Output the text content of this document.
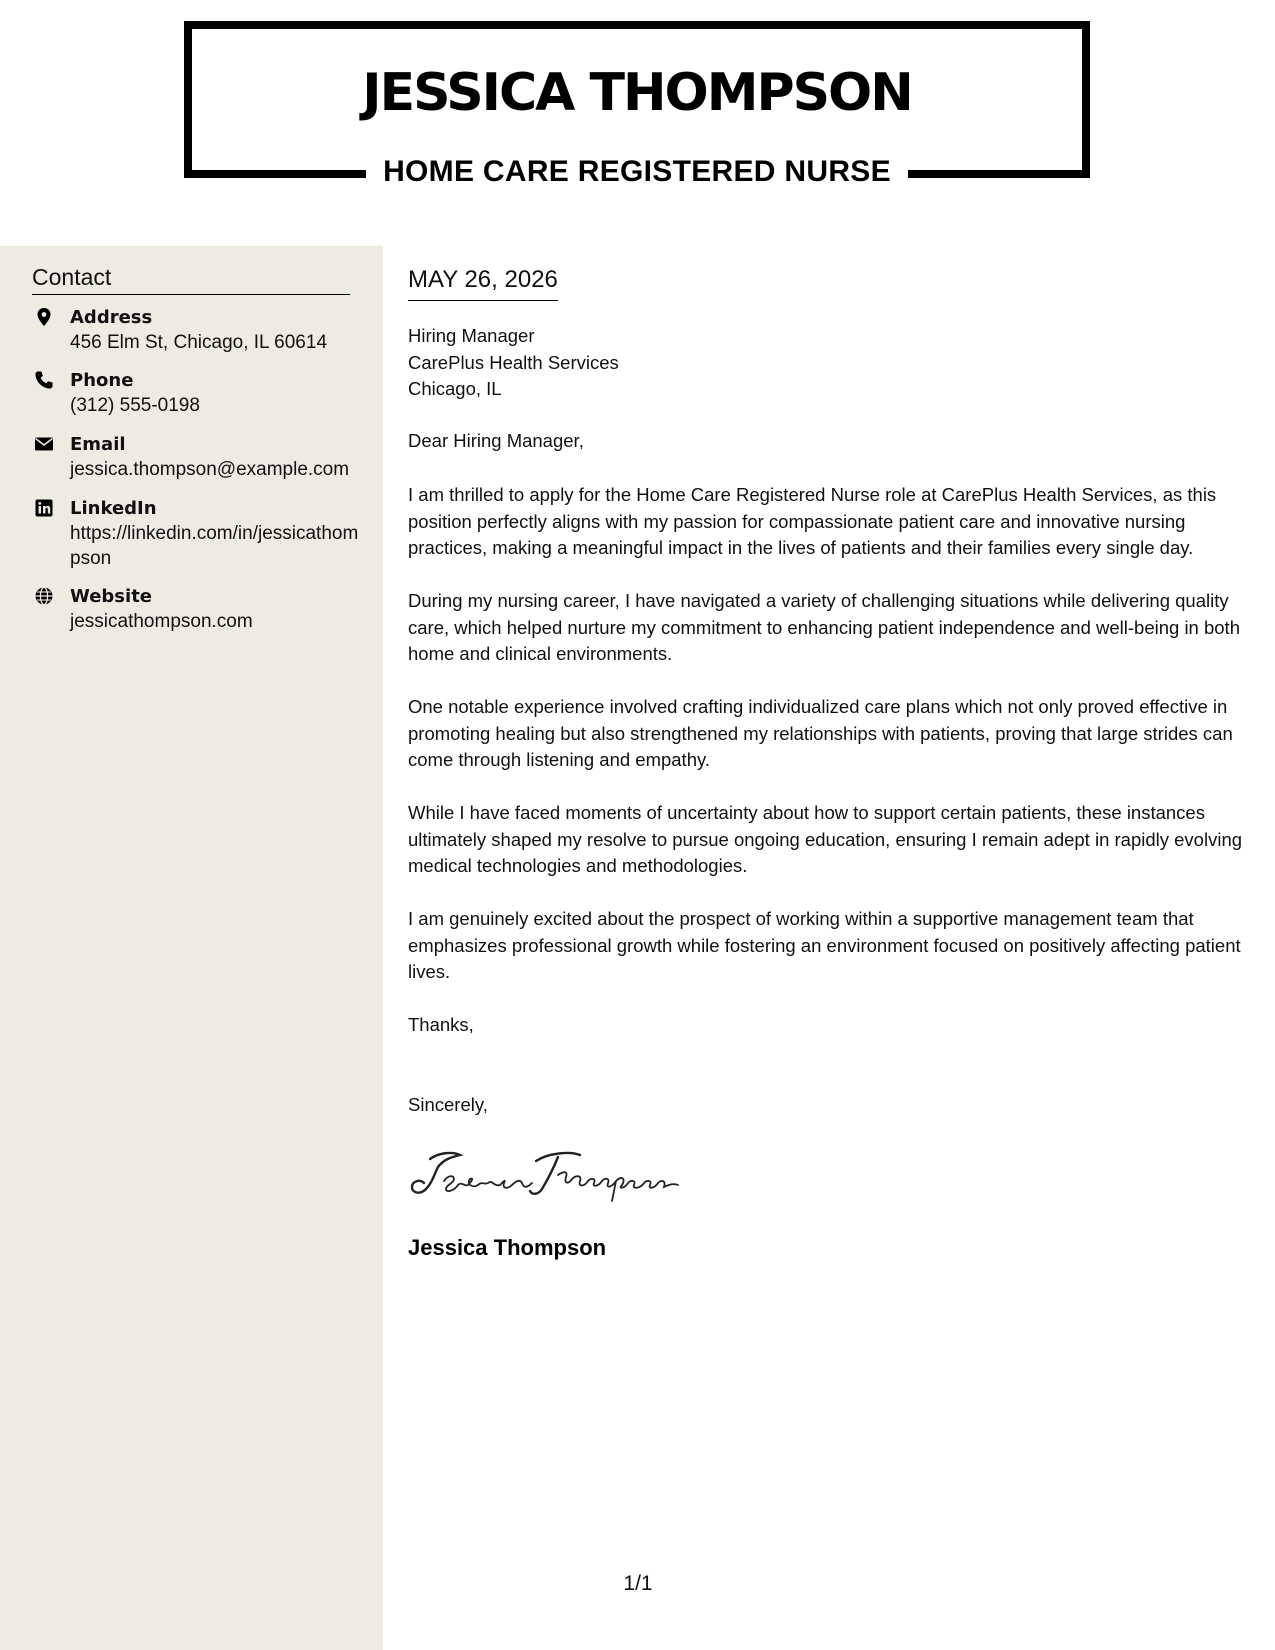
JESSICA THOMPSON
HOME CARE REGISTERED NURSE
Contact
Address
456 Elm St, Chicago, IL 60614
Phone
(312) 555-0198
Email
jessica.thompson@example.com
LinkedIn
https://linkedin.com/in/jessicathompson
Website
jessicathompson.com
MAY 26, 2026
Hiring Manager
CarePlus Health Services
Chicago, IL
Dear Hiring Manager,
I am thrilled to apply for the Home Care Registered Nurse role at CarePlus Health Services, as this position perfectly aligns with my passion for compassionate patient care and innovative nursing practices, making a meaningful impact in the lives of patients and their families every single day.
During my nursing career, I have navigated a variety of challenging situations while delivering quality care, which helped nurture my commitment to enhancing patient independence and well-being in both home and clinical environments.
One notable experience involved crafting individualized care plans which not only proved effective in promoting healing but also strengthened my relationships with patients, proving that large strides can come through listening and empathy.
While I have faced moments of uncertainty about how to support certain patients, these instances ultimately shaped my resolve to pursue ongoing education, ensuring I remain adept in rapidly evolving medical technologies and methodologies.
I am genuinely excited about the prospect of working within a supportive management team that emphasizes professional growth while fostering an environment focused on positively affecting patient lives.
Thanks,
Sincerely,
Jessica Thompson
1/1
